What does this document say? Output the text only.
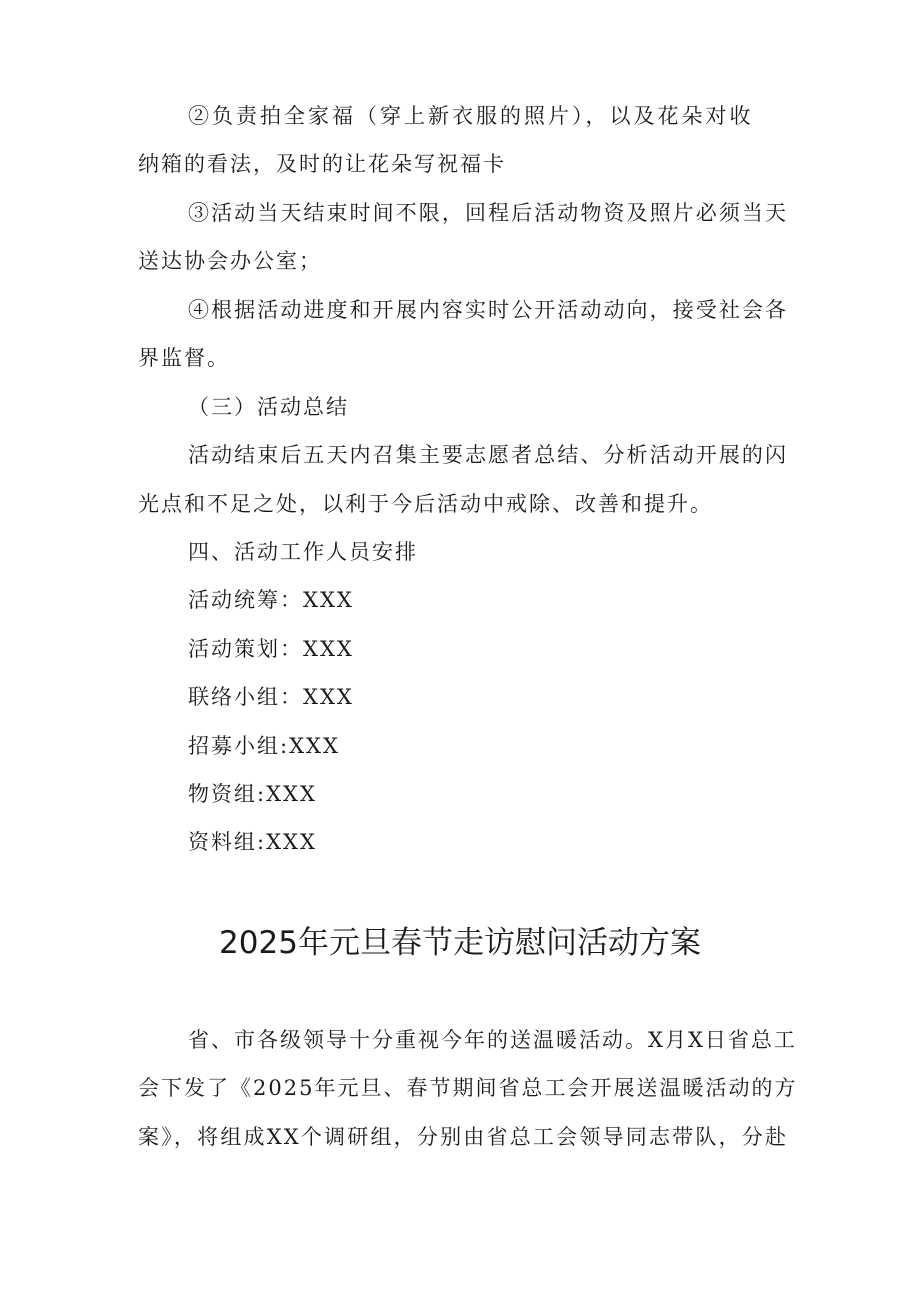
②负责拍全家福（穿上新衣服的照片），以及花朵对收
纳箱的看法，及时的让花朵写祝福卡
③活动当天结束时间不限，回程后活动物资及照片必须当天
送达协会办公室；
④根据活动进度和开展内容实时公开活动动向，接受社会各
界监督。
（三）活动总结
活动结束后五天内召集主要志愿者总结、分析活动开展的闪
光点和不足之处，以利于今后活动中戒除、改善和提升。
四、活动工作人员安排
活动统筹：XXX
活动策划：XXX
联络小组：XXX
招募小组:XXX
物资组:XXX
资料组:XXX
2025年元旦春节走访慰问活动方案
省、市各级领导十分重视今年的送温暖活动。X月X日省总工
会下发了《2025年元旦、春节期间省总工会开展送温暖活动的方
案》，将组成XX个调研组，分别由省总工会领导同志带队，分赴
